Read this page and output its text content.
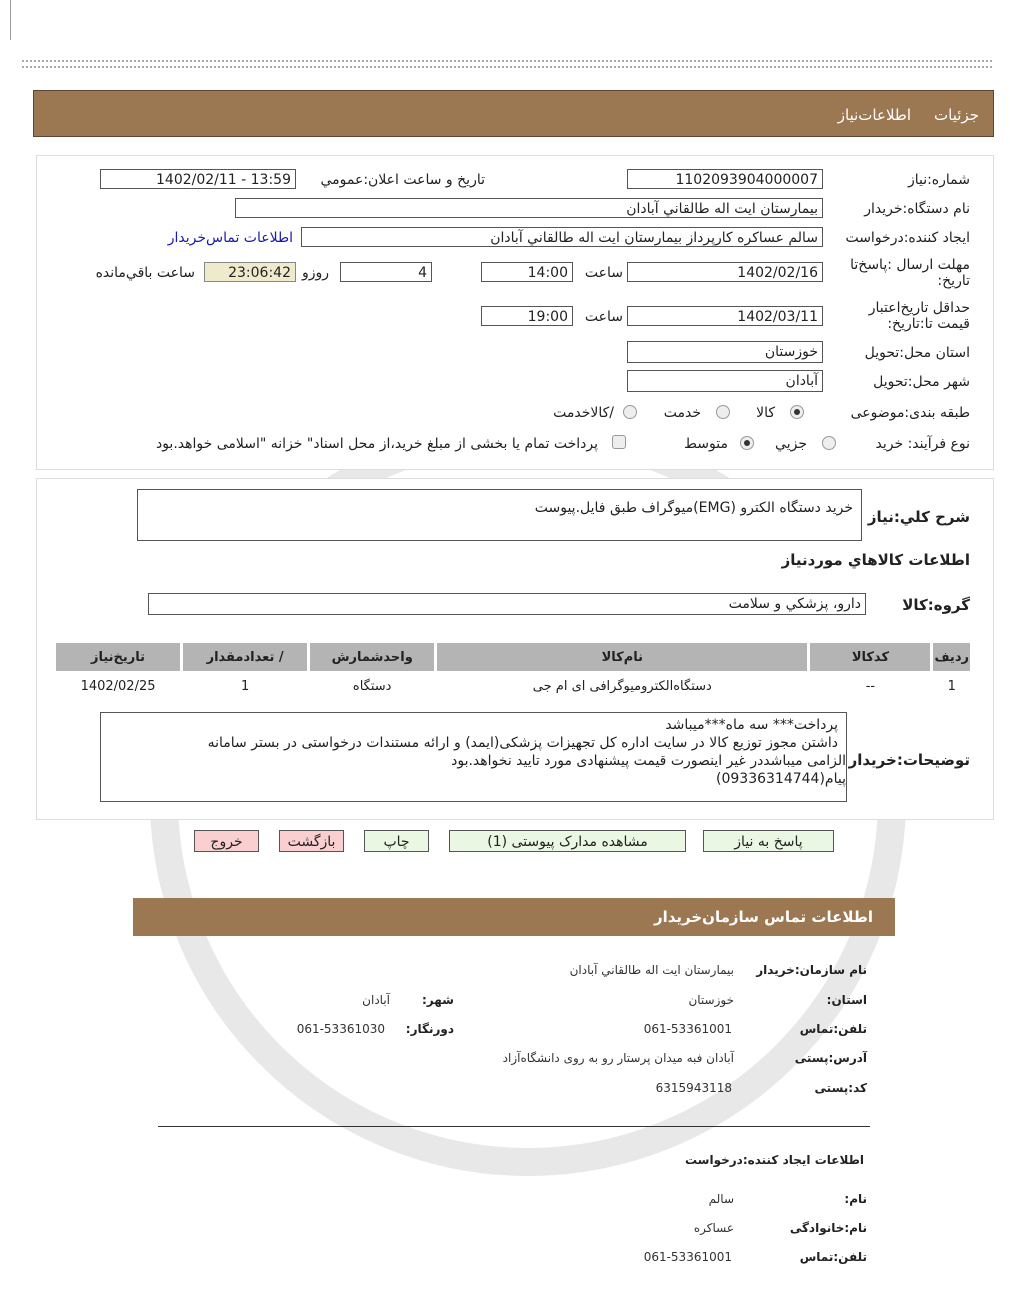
جزئیات
اطلاعات‌نیاز
شماره:نیاز
1102093904000007
تاريخ و ساعت اعلان:عمومي
1402/02/11 - 13:59
نام دستگاه:خريدار
بيمارستان ايت اله طالقاني آبادان
ايجاد کننده:درخواست
سالم عساکره کارپرداز بيمارستان ايت اله طالقاني آبادان
اطلاعات تماس‌خريدار
مهلت ارسال :پاسخ‌تا تاريخ:
1402/02/16
ساعت
14:00
4
روزو
23:06:42
ساعت باقي‌مانده
حداقل تاريخ‌اعتبار قيمت تا:تاريخ:
1402/03/11
ساعت
19:00
استان محل:تحويل
خوزستان
شهر محل:تحويل
آبادان
طبقه بندی:موضوعی
کالا
خدمت
/کالاخدمت
نوع فرآیند: خريد
جزيي
متوسط
پرداخت تمام يا بخشی از مبلغ خريد،از محل اسناد" خزانه "اسلامی خواهد.بود
شرح کلي:نياز
خريد دستگاه الکترو (EMG)ميوگراف طبق فايل.پيوست
اطلاعات کالاهاي موردنياز
گروه:کالا
دارو، پزشکي و سلامت
رديف	کدکالا	نام‌کالا	واحدشمارش	/ تعدادمقدار	تاريخ‌نياز
1	--	دستگاه‌الکترومیوگرافی ای ام جی	دستگاه	1	1402/02/25
توضيحات:خريدار
پرداخت*** سه ماه***میباشد
داشتن مجوز توزیع کالا در سایت اداره کل تجهیزات پزشکی(ایمد) و ارائه مستندات درخواستی در بستر سامانه
الزامی میباشددر غیر اینصورت قیمت پیشنهادی مورد تایید نخواهد.بود
پیام(09336314744)
پاسخ به نياز
مشاهده مدارک پيوستی (1)
چاپ
بازگشت
خروج
اطلاعات تماس سازمان‌خريدار
نام سازمان:خريدار
بيمارستان ايت اله طالقاني آبادان
استان:
خوزستان
شهر:
آبادان
تلفن:تماس
061-53361001
دورنگار:
061-53361030
آدرس:پستی
آبادان فبه میدان پرستار رو به روی دانشگاه‌آزاد
کد:پستی
6315943118
اطلاعات ایجاد کننده:درخواست
نام:
سالم
نام:خانوادگی
عساکره
تلفن:تماس
061-53361001
